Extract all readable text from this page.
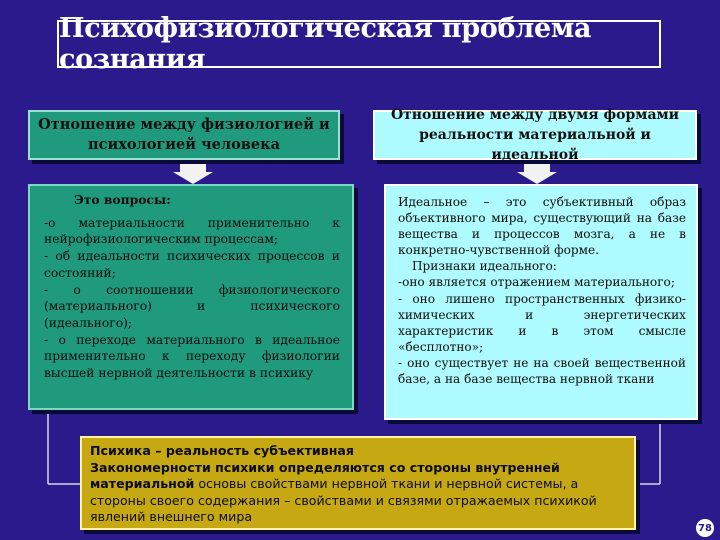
Психофизиологическая проблема сознания
Отношение между физиологией и психологией человека
Отношение между двумя формами реальности материальной и идеальной

Это вопросы:

-о материальности применительно к нейрофизиологическим процессам;

- об идеальности психических процессов и состояний;

- о соотношении физиологического (материального) и психического (идеального);

- о переходе материального в идеальное применительно к переходу физиологии высшей нервной деятельности в психику

Идеальное – это субъективный образ объективного мира, существующий на базе вещества и процессов мозга, а не в конкретно-чувственной форме.

Признаки идеального:

-оно является отражением материального;

- оно лишено пространственных физико-химических и энергетических характеристик и в этом смысле «бесплотно»;

- оно существует не на своей вещественной базе, а на базе вещества нервной ткани

Психика – реальность субъективная

Закономерности психики определяются со стороны внутренней материальной основы свойствами нервной ткани и нервной системы, а стороны своего содержания – свойствами и связями отражаемых психикой явлений внешнего мира

78
